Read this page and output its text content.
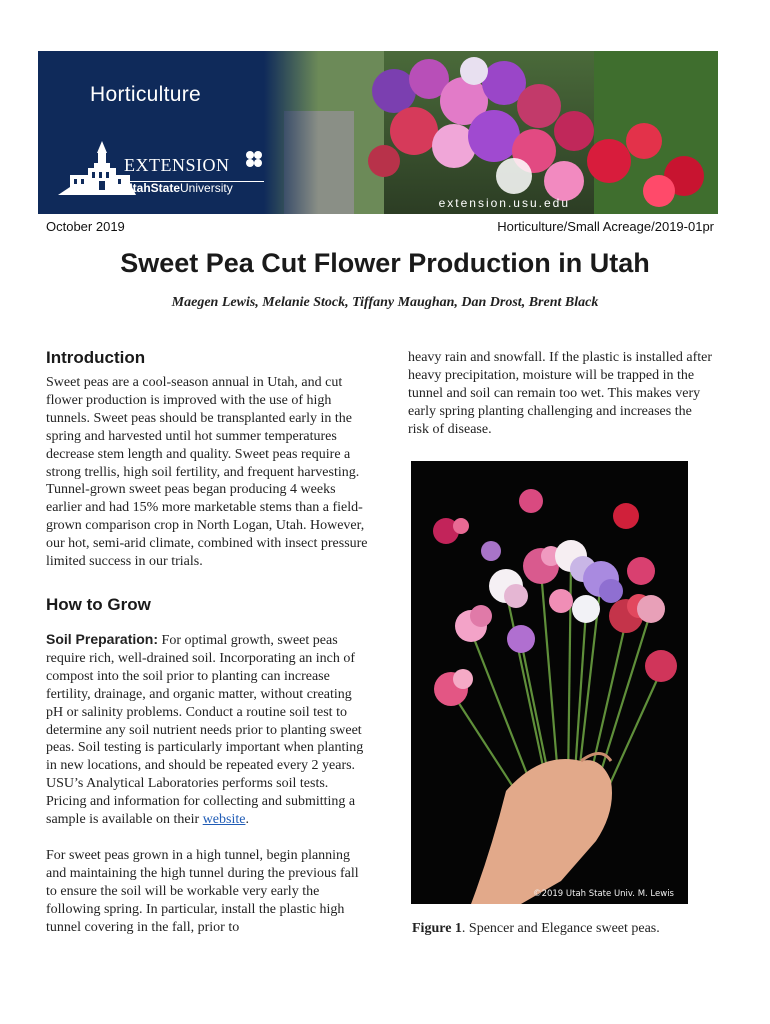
Horticulture
EXTENSION
UtahStateUniversity
extension.usu.edu
October 2019	Horticulture/Small Acreage/2019-01pr
Sweet Pea Cut Flower Production in Utah
Maegen Lewis, Melanie Stock, Tiffany Maughan, Dan Drost, Brent Black
Introduction

Sweet peas are a cool-season annual in Utah, and cut flower production is improved with the use of high tunnels. Sweet peas should be transplanted early in the spring and harvested until hot summer temperatures decrease stem length and quality. Sweet peas require a strong trellis, high soil fertility, and frequent harvesting. Tunnel-grown sweet peas began producing 4 weeks earlier and had 15% more marketable stems than a field-grown comparison crop in North Logan, Utah. However, our hot, semi-arid climate, combined with insect pressure limited success in our trials.

How to Grow

Soil Preparation: For optimal growth, sweet peas require rich, well-drained soil. Incorporating an inch of compost into the soil prior to planting can increase fertility, drainage, and organic matter, without creating pH or salinity problems. Conduct a routine soil test to determine any soil nutrient needs prior to planting sweet peas. Soil testing is particularly important when planting in new locations, and should be repeated every 2 years. USU’s Analytical Laboratories performs soil tests. Pricing and information for collecting and submitting a sample is available on their website.

For sweet peas grown in a high tunnel, begin planning and maintaining the high tunnel during the previous fall to ensure the soil will be workable very early the following spring. In particular, install the plastic high tunnel covering in the fall, prior to

heavy rain and snowfall. If the plastic is installed after heavy precipitation, moisture will be trapped in the tunnel and soil can remain too wet. This makes very early spring planting challenging and increases the risk of disease.

©2019 Utah State Univ. M. Lewis
Figure 1. Spencer and Elegance sweet peas.
